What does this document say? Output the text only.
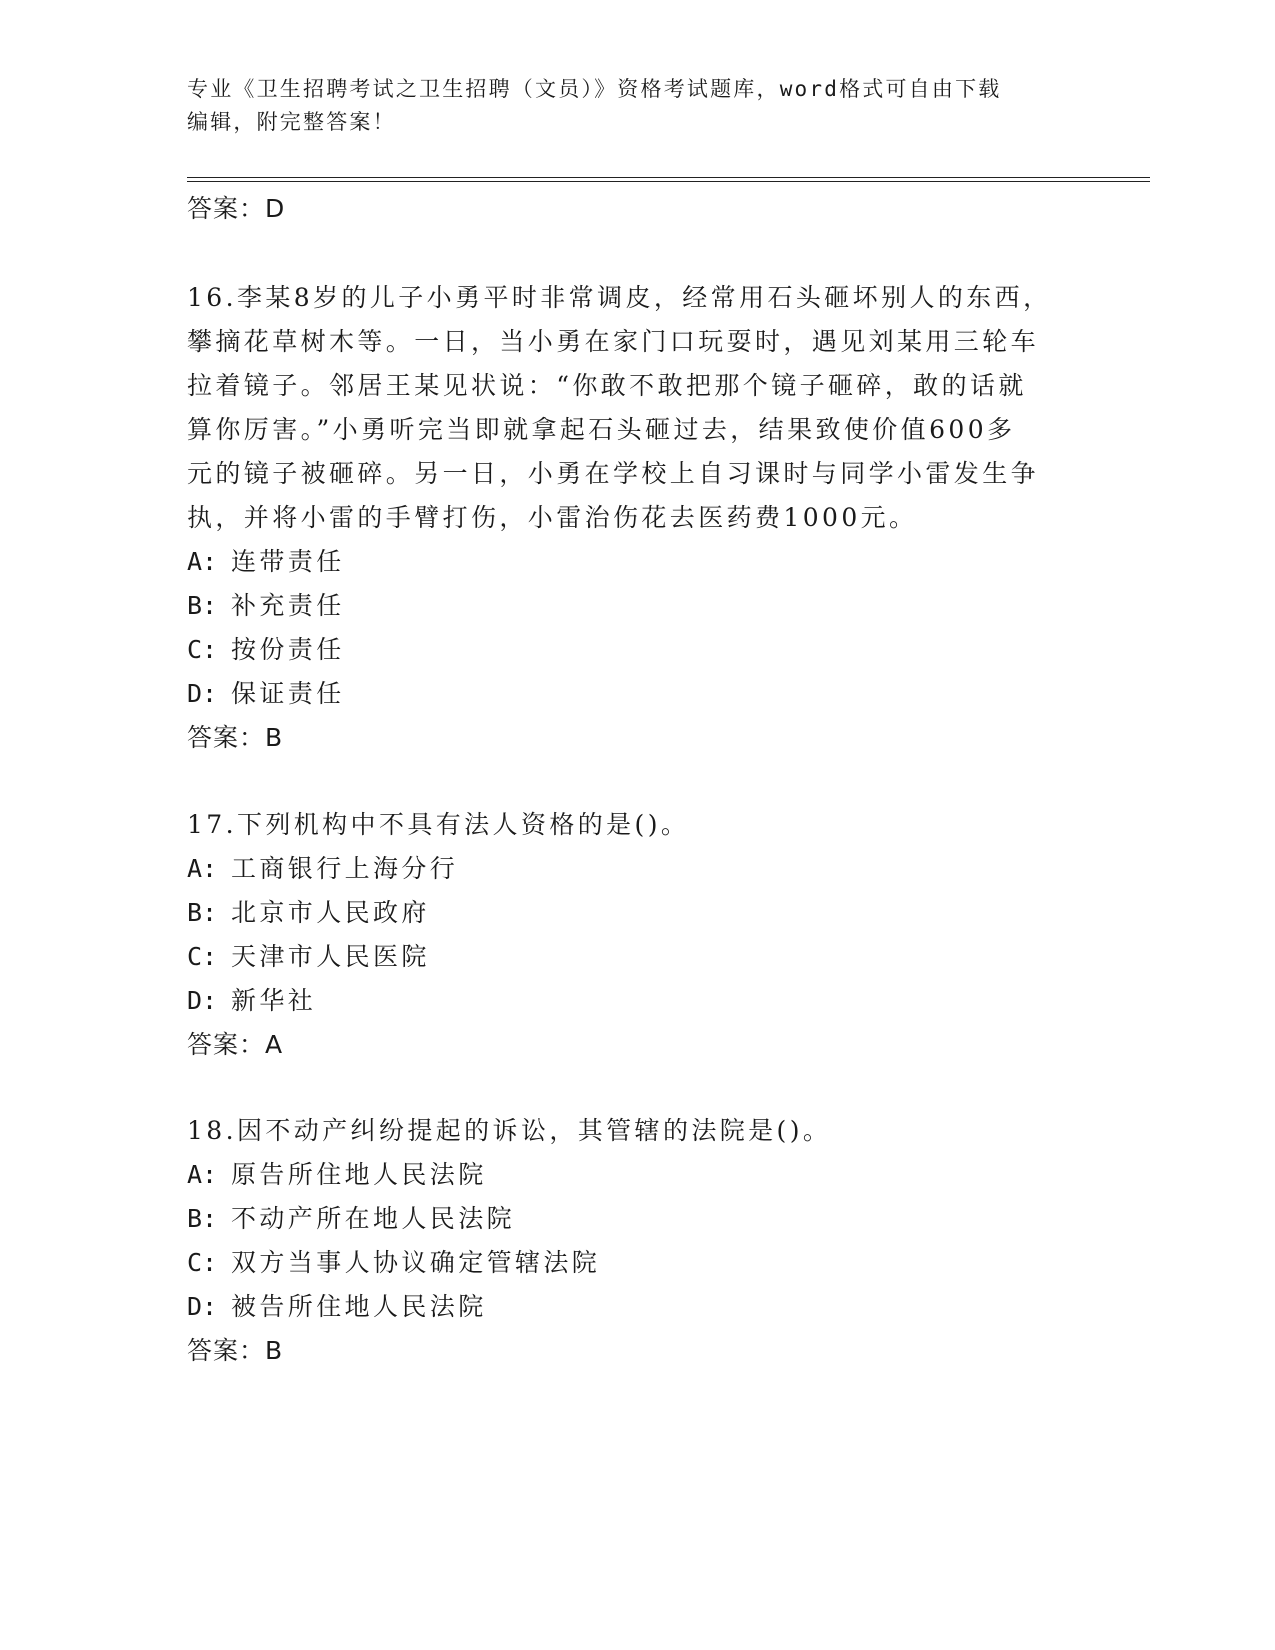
专业《卫生招聘考试之卫生招聘（文员）》资格考试题库，word格式可自由下载
编辑，附完整答案！
答案：D
16.李某8岁的儿子小勇平时非常调皮，经常用石头砸坏别人的东西，
攀摘花草树木等。一日，当小勇在家门口玩耍时，遇见刘某用三轮车
拉着镜子。邻居王某见状说：“你敢不敢把那个镜子砸碎，敢的话就
算你厉害。”小勇听完当即就拿起石头砸过去，结果致使价值600多
元的镜子被砸碎。另一日，小勇在学校上自习课时与同学小雷发生争
执，并将小雷的手臂打伤，小雷治伤花去医药费1000元。
A: 连带责任
B: 补充责任
C: 按份责任
D: 保证责任
答案：B
17.下列机构中不具有法人资格的是()。
A: 工商银行上海分行
B: 北京市人民政府
C: 天津市人民医院
D: 新华社
答案：A
18.因不动产纠纷提起的诉讼，其管辖的法院是()。
A: 原告所住地人民法院
B: 不动产所在地人民法院
C: 双方当事人协议确定管辖法院
D: 被告所住地人民法院
答案：B
